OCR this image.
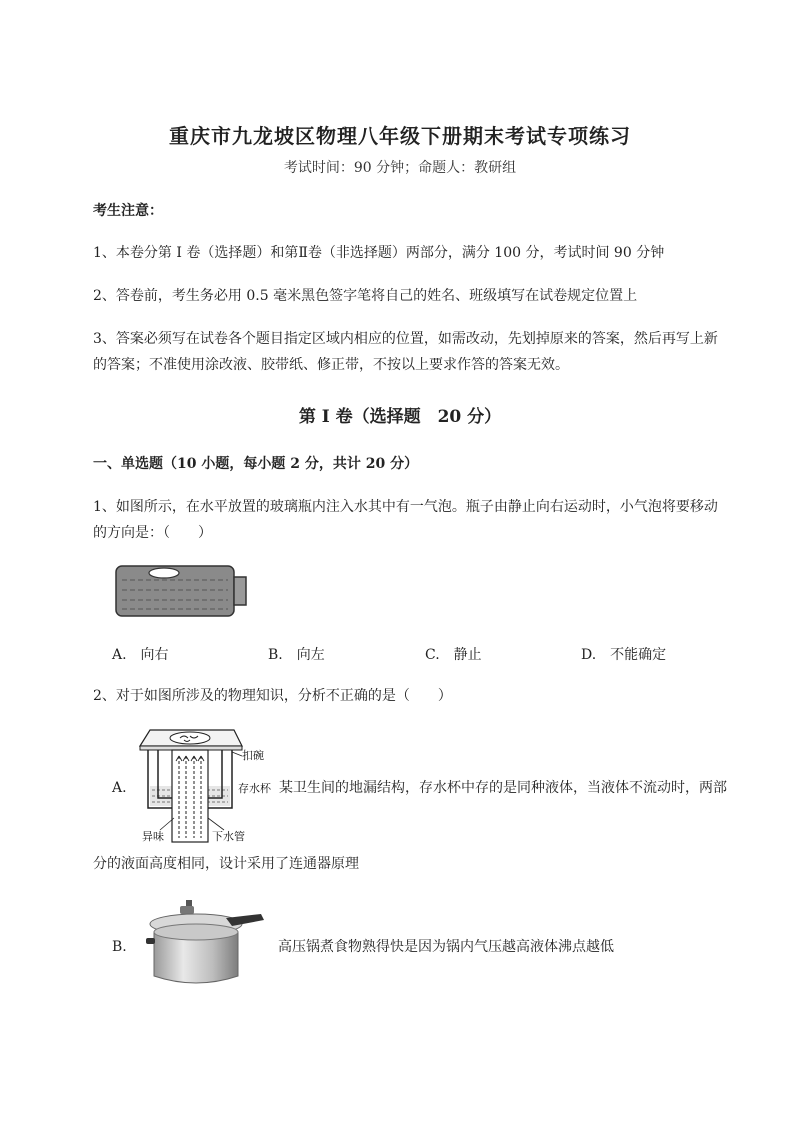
重庆市九龙坡区物理八年级下册期末考试专项练习
考试时间：90 分钟；命题人：教研组
考生注意：
1、本卷分第 I 卷（选择题）和第Ⅱ卷（非选择题）两部分，满分 100 分，考试时间 90 分钟
2、答卷前，考生务必用 0.5 毫米黑色签字笔将自己的姓名、班级填写在试卷规定位置上
3、答案必须写在试卷各个题目指定区域内相应的位置，如需改动，先划掉原来的答案，然后再写上新
的答案；不准使用涂改液、胶带纸、修正带，不按以上要求作答的答案无效。
第 I 卷（选择题　20 分）
一、单选题（10 小题，每小题 2 分，共计 20 分）
1、如图所示，在水平放置的玻璃瓶内注入水其中有一气泡。瓶子由静止向右运动时，小气泡将要移动
的方向是：（　　）
A.　向右	B.　向左	C.　静止	D.　不能确定
2、对于如图所涉及的物理知识，分析不正确的是（　　）
扣碗
存水杯
异味	下水管
A.	某卫生间的地漏结构，存水杯中存的是同种液体，当液体不流动时，两部
分的液面高度相同，设计采用了连通器原理
B.	高压锅煮食物熟得快是因为锅内气压越高液体沸点越低
